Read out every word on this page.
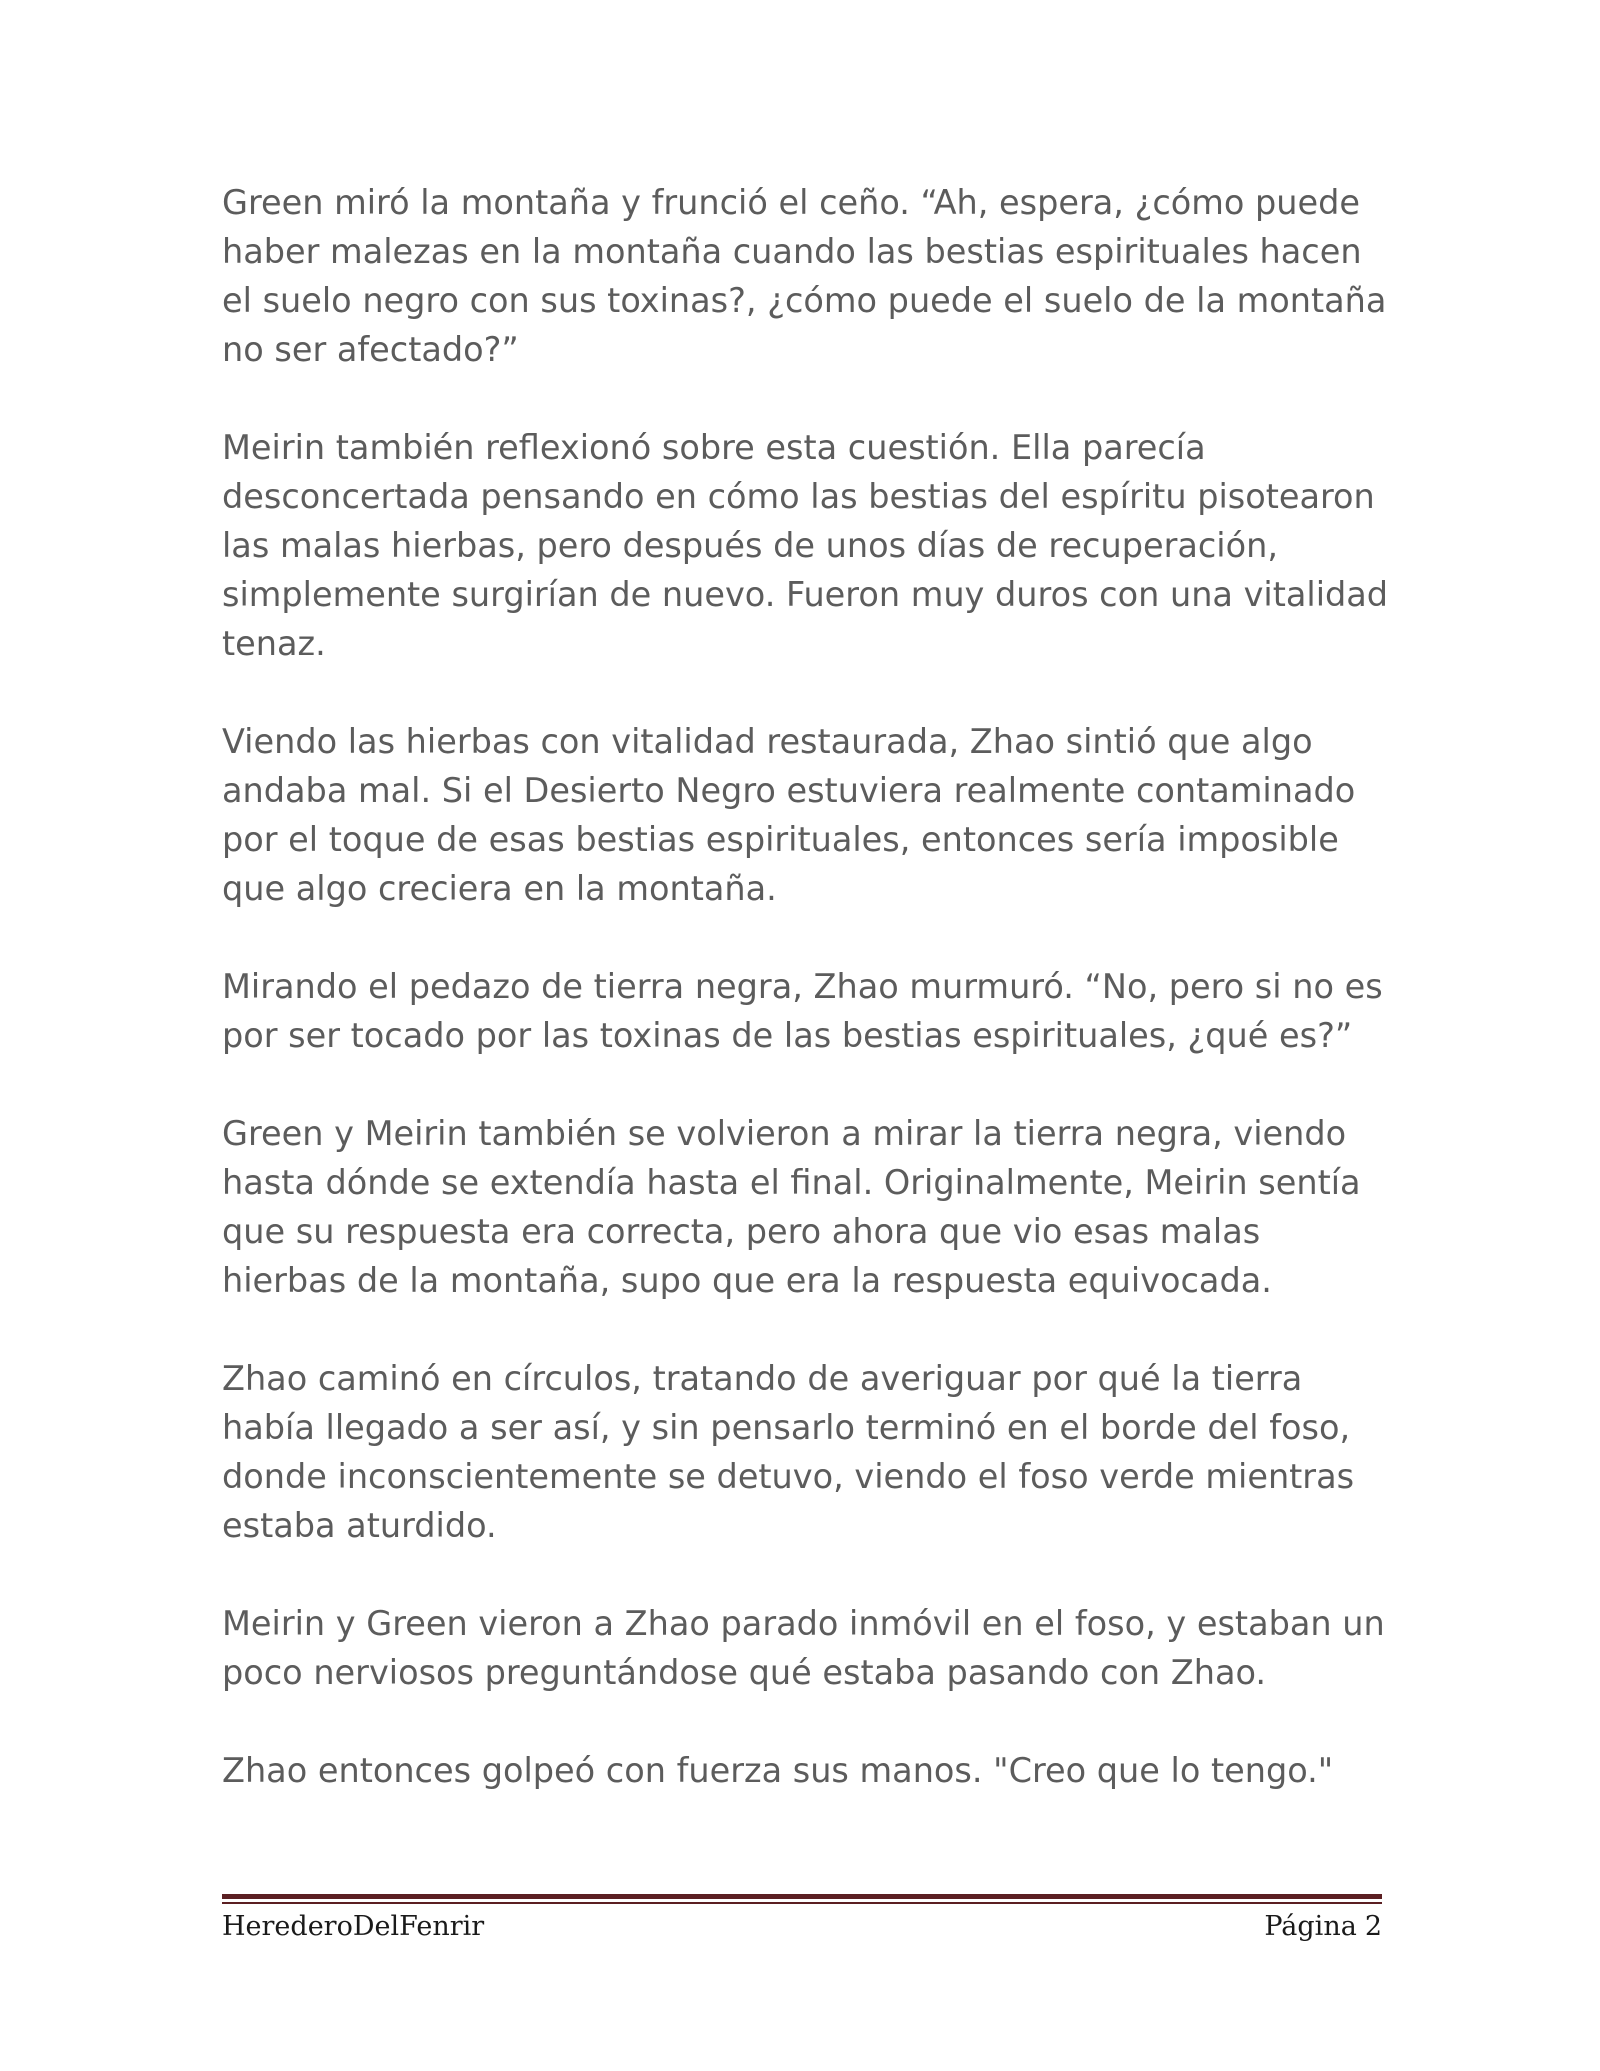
Green miró la montaña y frunció el ceño. “Ah, espera, ¿cómo puede haber malezas en la montaña cuando las bestias espirituales hacen el suelo negro con sus toxinas?, ¿cómo puede el suelo de la montaña no ser afectado?”

Meirin también reflexionó sobre esta cuestión. Ella parecía desconcertada pensando en cómo las bestias del espíritu pisotearon las malas hierbas, pero después de unos días de recuperación, simplemente surgirían de nuevo. Fueron muy duros con una vitalidad tenaz.

Viendo las hierbas con vitalidad restaurada, Zhao sintió que algo andaba mal. Si el Desierto Negro estuviera realmente contaminado por el toque de esas bestias espirituales, entonces sería imposible que algo creciera en la montaña.

Mirando el pedazo de tierra negra, Zhao murmuró. “No, pero si no es por ser tocado por las toxinas de las bestias espirituales, ¿qué es?”

Green y Meirin también se volvieron a mirar la tierra negra, viendo hasta dónde se extendía hasta el final. Originalmente, Meirin sentía que su respuesta era correcta, pero ahora que vio esas malas hierbas de la montaña, supo que era la respuesta equivocada.

Zhao caminó en círculos, tratando de averiguar por qué la tierra había llegado a ser así, y sin pensarlo terminó en el borde del foso, donde inconscientemente se detuvo, viendo el foso verde mientras estaba aturdido.

Meirin y Green vieron a Zhao parado inmóvil en el foso, y estaban un poco nerviosos preguntándose qué estaba pasando con Zhao.

Zhao entonces golpeó con fuerza sus manos. "Creo que lo tengo."

HerederoDelFenrir	Página 2
